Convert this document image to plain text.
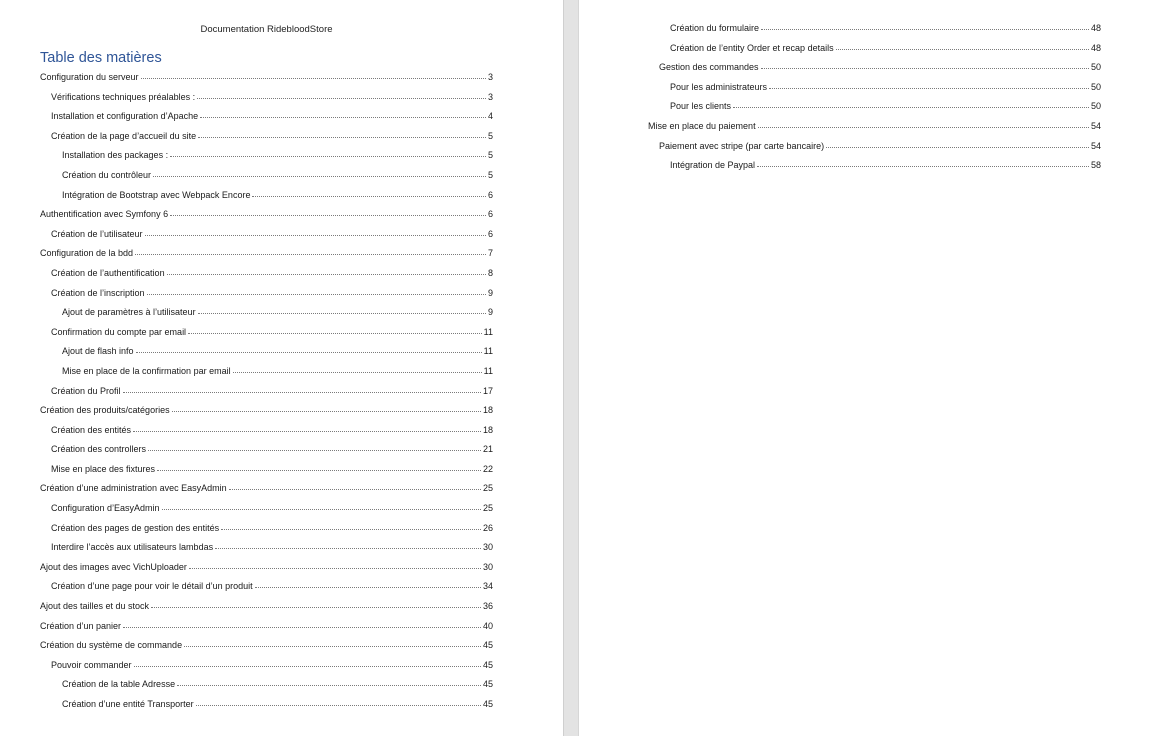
Documentation RidebloodStore
Table des matières
Configuration du serveur	3
Vérifications techniques préalables :	3
Installation et configuration d’Apache	4
Création de la page d’accueil du site	5
Installation des packages :	5
Création du contrôleur	5
Intégration de Bootstrap avec Webpack Encore	6
Authentification avec Symfony 6	6
Création de l’utilisateur	6
Configuration de la bdd	7
Création de l’authentification	8
Création de l’inscription	9
Ajout de paramètres à l’utilisateur	9
Confirmation du compte par email	11
Ajout de flash info	11
Mise en place de la confirmation par email	11
Création du Profil	17
Création des produits/catégories	18
Création des entités	18
Création des controllers	21
Mise en place des fixtures	22
Création d’une administration avec EasyAdmin	25
Configuration d’EasyAdmin	25
Création des pages de gestion des entités	26
Interdire l’accès aux utilisateurs lambdas	30
Ajout des images avec VichUploader	30
Création d’une page pour voir le détail d’un produit	34
Ajout des tailles et du stock	36
Création d’un panier	40
Création du système de commande	45
Pouvoir commander	45
Création de la table Adresse	45
Création d’une entité Transporter	45
Création du formulaire	48
Création de l’entity Order et recap details	48
Gestion des commandes	50
Pour les administrateurs	50
Pour les clients	50
Mise en place du paiement	54
Paiement avec stripe (par carte bancaire)	54
Intégration de Paypal	58
